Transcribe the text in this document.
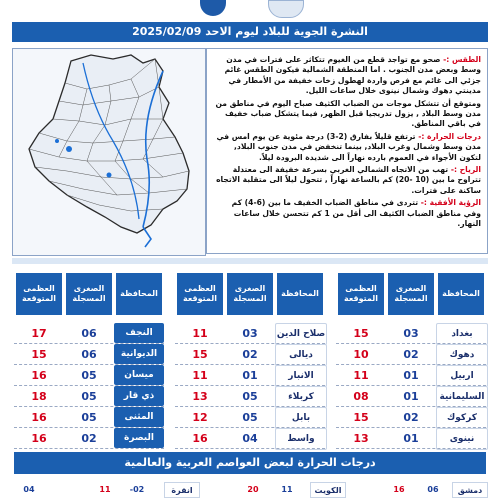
النشرة الجوية للبلاد ليوم الاحد 2025/02/09

الطقس :- صحو مع تواجد قطع من الغيوم تتكاثر على فترات في مدن وسط وبعض مدن الجنوب . اما المنطقة الشمالية فيكون الطقس غائم جزئي الى غائم مع فرص واردة لهطول زخات خفيفة من الأمطار في مدينتي دهوك وشمال نينوى خلال ساعات الليل.

ومتوقع أن تتشكل موجات من الضباب الكثيف صباح اليوم في مناطق من مدن وسط البلاد , يزول تدريجيا قبل الظهر, فيما يتشكل ضباب خفيف في باقي المناطق.

درجات الحرارة :- ترتفع قليلاً بفارق (2-3) درجة مئوية عن يوم امس في مدن وسط وشمال وغرب البلاد, بينما تنخفض في مدن جنوب البلاد, لتكون الأجواء في العموم بارده نهاراً الى شديدة البرودة ليلاً.

الرياح :- تهب من الاتجاه الشمالي الغربي بسرعة خفيفة الى معتدلة تتراوح ما بين (10 -20) كم بالساعة نهاراً , تتحول ليلاً الى متقلبة الاتجاه ساكنة على فترات.

الرؤية الأفقية :- تتردى في مناطق الضباب الخفيف ما بين (6-4) كم وفي مناطق الضباب الكثيف الى أقل من 1 كم تتحسن خلال ساعات النهار.

المحافظة
الصغرى المسجلة
العظمى المتوقعة
المحافظة
الصغرى المسجلة
العظمى المتوقعة
المحافظة
الصغرى المسجلة
العظمى المتوقعة
بغداد
03
15
دهوك
02
10
اربيل
01
11
السليمانية
01
08
كركوك
02
15
نينوى
01
13
صلاح الدين
03
11
ديالى
02
15
الانبار
01
11
كربلاء
05
13
بابل
05
12
واسط
04
16
النجف
06
17
الديوانية
06
15
ميسان
05
16
ذي قار
05
18
المثنى
05
16
البصرة
02
16
درجات الحرارة لبعض العواصم العربية والعالمية
دمشق
06
16
الكويت
11
20
انقرة
-02
11
04
